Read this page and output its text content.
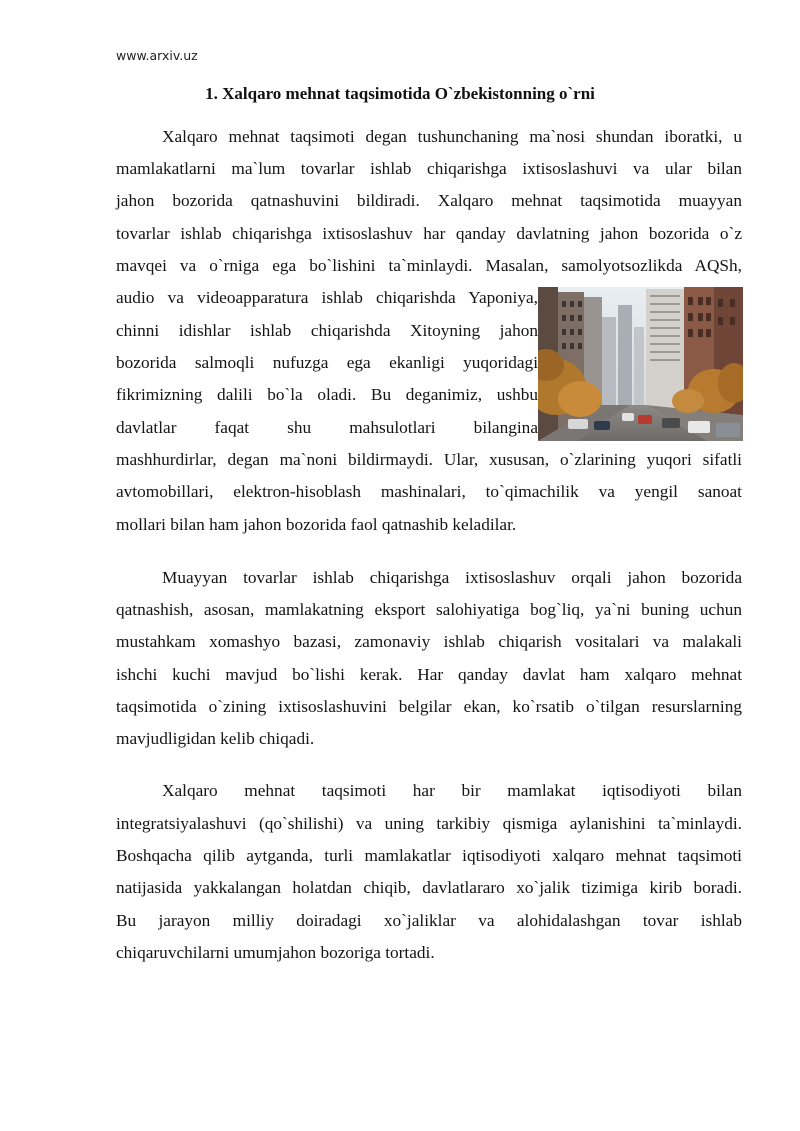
www.arxiv.uz
1. Xalqaro mehnat taqsimotida O`zbekistonning o`rni
Xalqaro mehnat taqsimoti degan tushunchaning ma`nosi shundan iboratki, u
mamlakatlarni ma`lum tovarlar ishlab chiqarishga ixtisoslashuvi va ular bilan
jahon bozorida qatnashuvini bildiradi. Xalqaro mehnat taqsimotida muayyan
tovarlar ishlab chiqarishga ixtisoslashuv har qanday davlatning jahon bozorida o`z
mavqei va o`rniga ega bo`lishini ta`minlaydi. Masalan, samolyotsozlikda AQSh,
audio va videoapparatura ishlab chiqarishda Yaponiya,
chinni idishlar ishlab chiqarishda Xitoyning jahon
bozorida salmoqli nufuzga ega ekanligi yuqoridagi
fikrimizning dalili bo`la oladi. Bu deganimiz, ushbu
davlatlar faqat shu mahsulotlari bilangina
mashhurdirlar, degan ma`noni bildirmaydi. Ular, xususan, o`zlarining yuqori sifatli
avtomobillari, elektron-hisoblash mashinalari, to`qimachilik va yengil sanoat
mollari bilan ham jahon bozorida faol qatnashib keladilar.
Muayyan tovarlar ishlab chiqarishga ixtisoslashuv orqali jahon bozorida
qatnashish, asosan, mamlakatning eksport salohiyatiga bog`liq, ya`ni buning uchun
mustahkam xomashyo bazasi, zamonaviy ishlab chiqarish vositalari va malakali
ishchi kuchi mavjud bo`lishi kerak. Har qanday davlat ham xalqaro mehnat
taqsimotida o`zining ixtisoslashuvini belgilar ekan, ko`rsatib o`tilgan resurslarning
mavjudligidan kelib chiqadi.
Xalqaro mehnat taqsimoti har bir mamlakat iqtisodiyoti bilan
integratsiyalashuvi (qo`shilishi) va uning tarkibiy qismiga aylanishini ta`minlaydi.
Boshqacha qilib aytganda, turli mamlakatlar iqtisodiyoti xalqaro mehnat taqsimoti
natijasida yakkalangan holatdan chiqib, davlatlararo xo`jalik tizimiga kirib boradi.
Bu jarayon milliy doiradagi xo`jaliklar va alohidalashgan tovar ishlab
chiqaruvchilarni umumjahon bozoriga tortadi.
